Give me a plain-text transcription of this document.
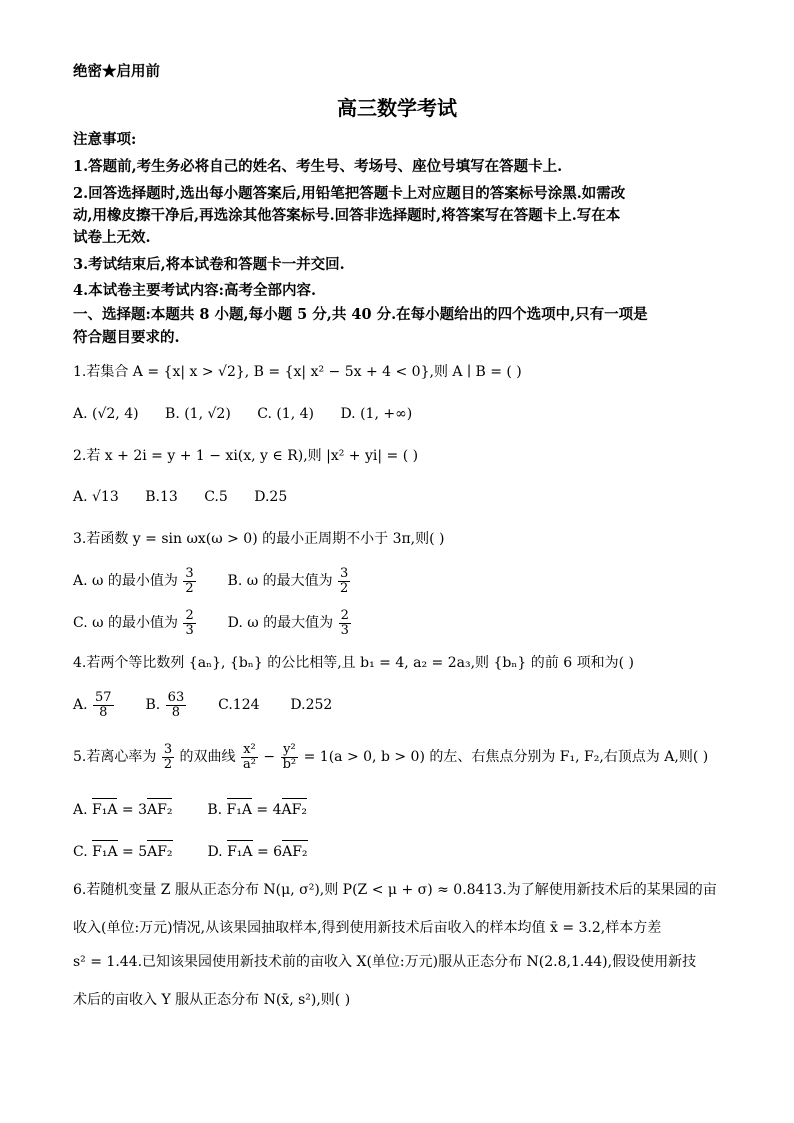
绝密★启用前
高三数学考试
注意事项:
1.答题前,考生务必将自己的姓名、考生号、考场号、座位号填写在答题卡上.
2.回答选择题时,选出每小题答案后,用铅笔把答题卡上对应题目的答案标号涂黑.如需改
动,用橡皮擦干净后,再选涂其他答案标号.回答非选择题时,将答案写在答题卡上.写在本
试卷上无效.
3.考试结束后,将本试卷和答题卡一并交回.
4.本试卷主要考试内容:高考全部内容.
一、选择题:本题共 8 小题,每小题 5 分,共 40 分.在每小题给出的四个选项中,只有一项是
符合题目要求的.
1.若集合 A = {x| x > √2}, B = {x| x² − 5x + 4 < 0},则 A ∣ B = ( )
A. (√2, 4) B. (1, √2) C. (1, 4) D. (1, +∞)
2.若 x + 2i = y + 1 − xi(x, y ∈ R),则 |x² + yi| = ( )
A. √13 B.13 C.5 D.25
3.若函数 y = sin ωx(ω > 0) 的最小正周期不小于 3π,则( )
A. ω 的最小值为 $\frac{3}{2} B$. ω 的最大值为 $\frac{3}{2}$
C. ω 的最小值为 $\frac{2}{3} D$. ω 的最大值为 $\frac{2}{3}$
4.若两个等比数列 {aₙ}, {bₙ} 的公比相等,且 b₁ = 4, a₂ = 2a₃,则 {bₙ} 的前 6 项和为( )
A. $\frac{57}{8} B$. $\frac{63}{8} C.124$ D.252
5.若离心率为 $\frac{3}{2}$ 的双曲线 $\frac{\text{x²}}{\text{a²}} - \frac{\text{y²}}{\text{b²}} = 1(a > 0$, b > 0) 的左、右焦点分别为 F₁, F₂,右顶点为 A,则( )
A. F₁A = 3AF₂ B. F₁A = 4AF₂
C. F₁A = 5AF₂ D. F₁A = 6AF₂
6.若随机变量 Z 服从正态分布 N(μ, σ²),则 P(Z < μ + σ) ≈ 0.8413.为了解使用新技术后的某果园的亩
收入(单位:万元)情况,从该果园抽取样本,得到使用新技术后亩收入的样本均值 x̄ = 3.2,样本方差
s² = 1.44.已知该果园使用新技术前的亩收入 X(单位:万元)服从正态分布 N(2.8,1.44),假设使用新技
术后的亩收入 Y 服从正态分布 N(x̄, s²),则( )
